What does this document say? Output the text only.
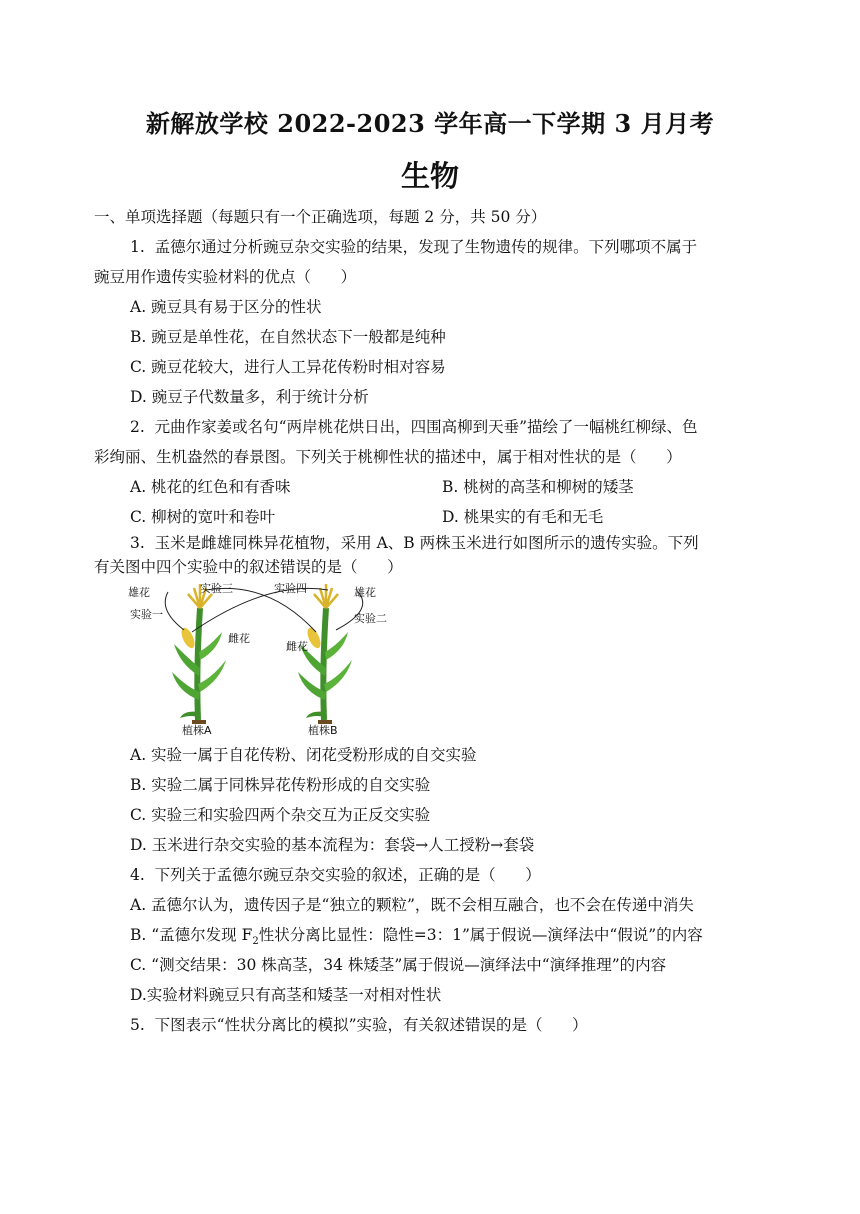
新解放学校 2022-2023 学年高一下学期 3 月月考
生物
一、单项选择题（每题只有一个正确选项，每题 2 分，共 50 分）
1.  孟德尔通过分析豌豆杂交实验的结果，发现了生物遗传的规律。下列哪项不属于
豌豆用作遗传实验材料的优点（      ）
A. 豌豆具有易于区分的性状
B. 豌豆是单性花，在自然状态下一般都是纯种
C. 豌豆花较大，进行人工异花传粉时相对容易
D. 豌豆子代数量多，利于统计分析
2.  元曲作家姜或名句“两岸桃花烘日出，四围高柳到天垂”描绘了一幅桃红柳绿、色
彩绚丽、生机盎然的春景图。下列关于桃柳性状的描述中，属于相对性状的是（      ）
A. 桃花的红色和有香味	B. 桃树的高茎和柳树的矮茎
C. 柳树的宽叶和卷叶	D. 桃果实的有毛和无毛
3.  玉米是雌雄同株异花植物，采用 A、B 两株玉米进行如图所示的遗传实验。下列
有关图中四个实验中的叙述错误的是（      ）
雄花	实验三
实验一
雌花
实验四	雄花
实验二
雌花
植株A	植株B
A. 实验一属于自花传粉、闭花受粉形成的自交实验
B. 实验二属于同株异花传粉形成的自交实验
C. 实验三和实验四两个杂交互为正反交实验
D. 玉米进行杂交实验的基本流程为：套袋→人工授粉→套袋
4.  下列关于孟德尔豌豆杂交实验的叙述，正确的是（      ）
A. 孟德尔认为，遗传因子是“独立的颗粒”，既不会相互融合，也不会在传递中消失
B. “孟德尔发现 $F_2$性状分离比显性：隐性=3：1”属于假说—演绎法中“假说”的内容
C. “测交结果：30 株高茎，34 株矮茎”属于假说—演绎法中“演绎推理”的内容
D.实验材料豌豆只有高茎和矮茎一对相对性状
5.  下图表示“性状分离比的模拟”实验，有关叙述错误的是（      ）
